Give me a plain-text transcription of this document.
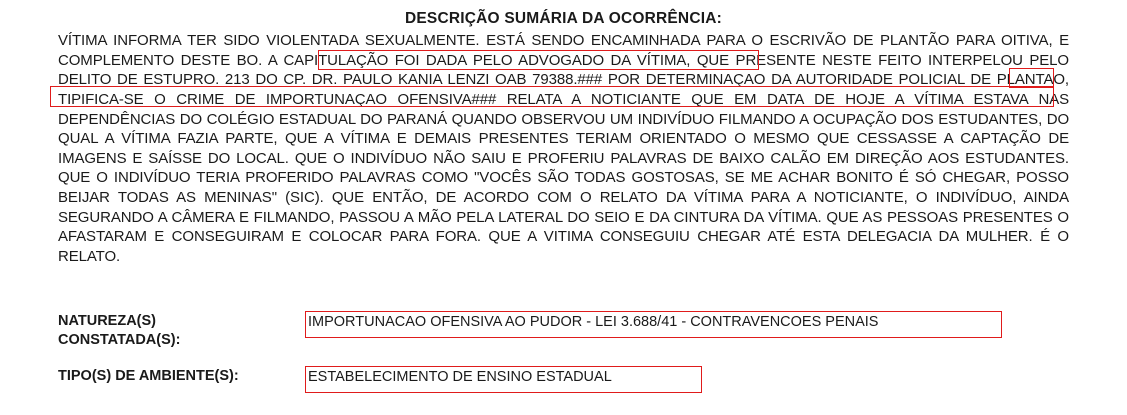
DESCRIÇÃO SUMÁRIA DA OCORRÊNCIA:
VÍTIMA INFORMA TER SIDO VIOLENTADA SEXUALMENTE. ESTÁ SENDO ENCAMINHADA PARA O ESCRIVÃO DE PLANTÃO PARA OITIVA, E COMPLEMENTO DESTE BO. A CAPITULAÇÃO FOI DADA PELO ADVOGADO DA VÍTIMA, QUE PRESENTE NESTE FEITO INTERPELOU PELO DELITO DE ESTUPRO. 213 DO CP. DR. PAULO KANIA LENZI OAB 79388.### POR DETERMINAÇAO DA AUTORIDADE POLICIAL DE PLANTAO, TIPIFICA-SE O CRIME DE IMPORTUNAÇAO OFENSIVA### RELATA A NOTICIANTE QUE EM DATA DE HOJE A VÍTIMA ESTAVA NAS DEPENDÊNCIAS DO COLÉGIO ESTADUAL DO PARANÁ QUANDO OBSERVOU UM INDIVÍDUO FILMANDO A OCUPAÇÃO DOS ESTUDANTES, DO QUAL A VÍTIMA FAZIA PARTE, QUE A VÍTIMA E DEMAIS PRESENTES TERIAM ORIENTADO O MESMO QUE CESSASSE A CAPTAÇÃO DE IMAGENS E SAÍSSE DO LOCAL. QUE O INDIVÍDUO NÃO SAIU E PROFERIU PALAVRAS DE BAIXO CALÃO EM DIREÇÃO AOS ESTUDANTES. QUE O INDIVÍDUO TERIA PROFERIDO PALAVRAS COMO "VOCÊS SÃO TODAS GOSTOSAS, SE ME ACHAR BONITO É SÓ CHEGAR, POSSO BEIJAR TODAS AS MENINAS" (SIC). QUE ENTÃO, DE ACORDO COM O RELATO DA VÍTIMA PARA A NOTICIANTE, O INDIVÍDUO, AINDA SEGURANDO A CÂMERA E FILMANDO, PASSOU A MÃO PELA LATERAL DO SEIO E DA CINTURA DA VÍTIMA. QUE AS PESSOAS PRESENTES O AFASTARAM E CONSEGUIRAM E COLOCAR PARA FORA. QUE A VITIMA CONSEGUIU CHEGAR ATÉ ESTA DELEGACIA DA MULHER. É O RELATO.
NATUREZA(S)
CONSTATADA(S):
IMPORTUNACAO OFENSIVA AO PUDOR - LEI 3.688/41 - CONTRAVENCOES PENAIS
TIPO(S) DE AMBIENTE(S):	ESTABELECIMENTO DE ENSINO ESTADUAL
